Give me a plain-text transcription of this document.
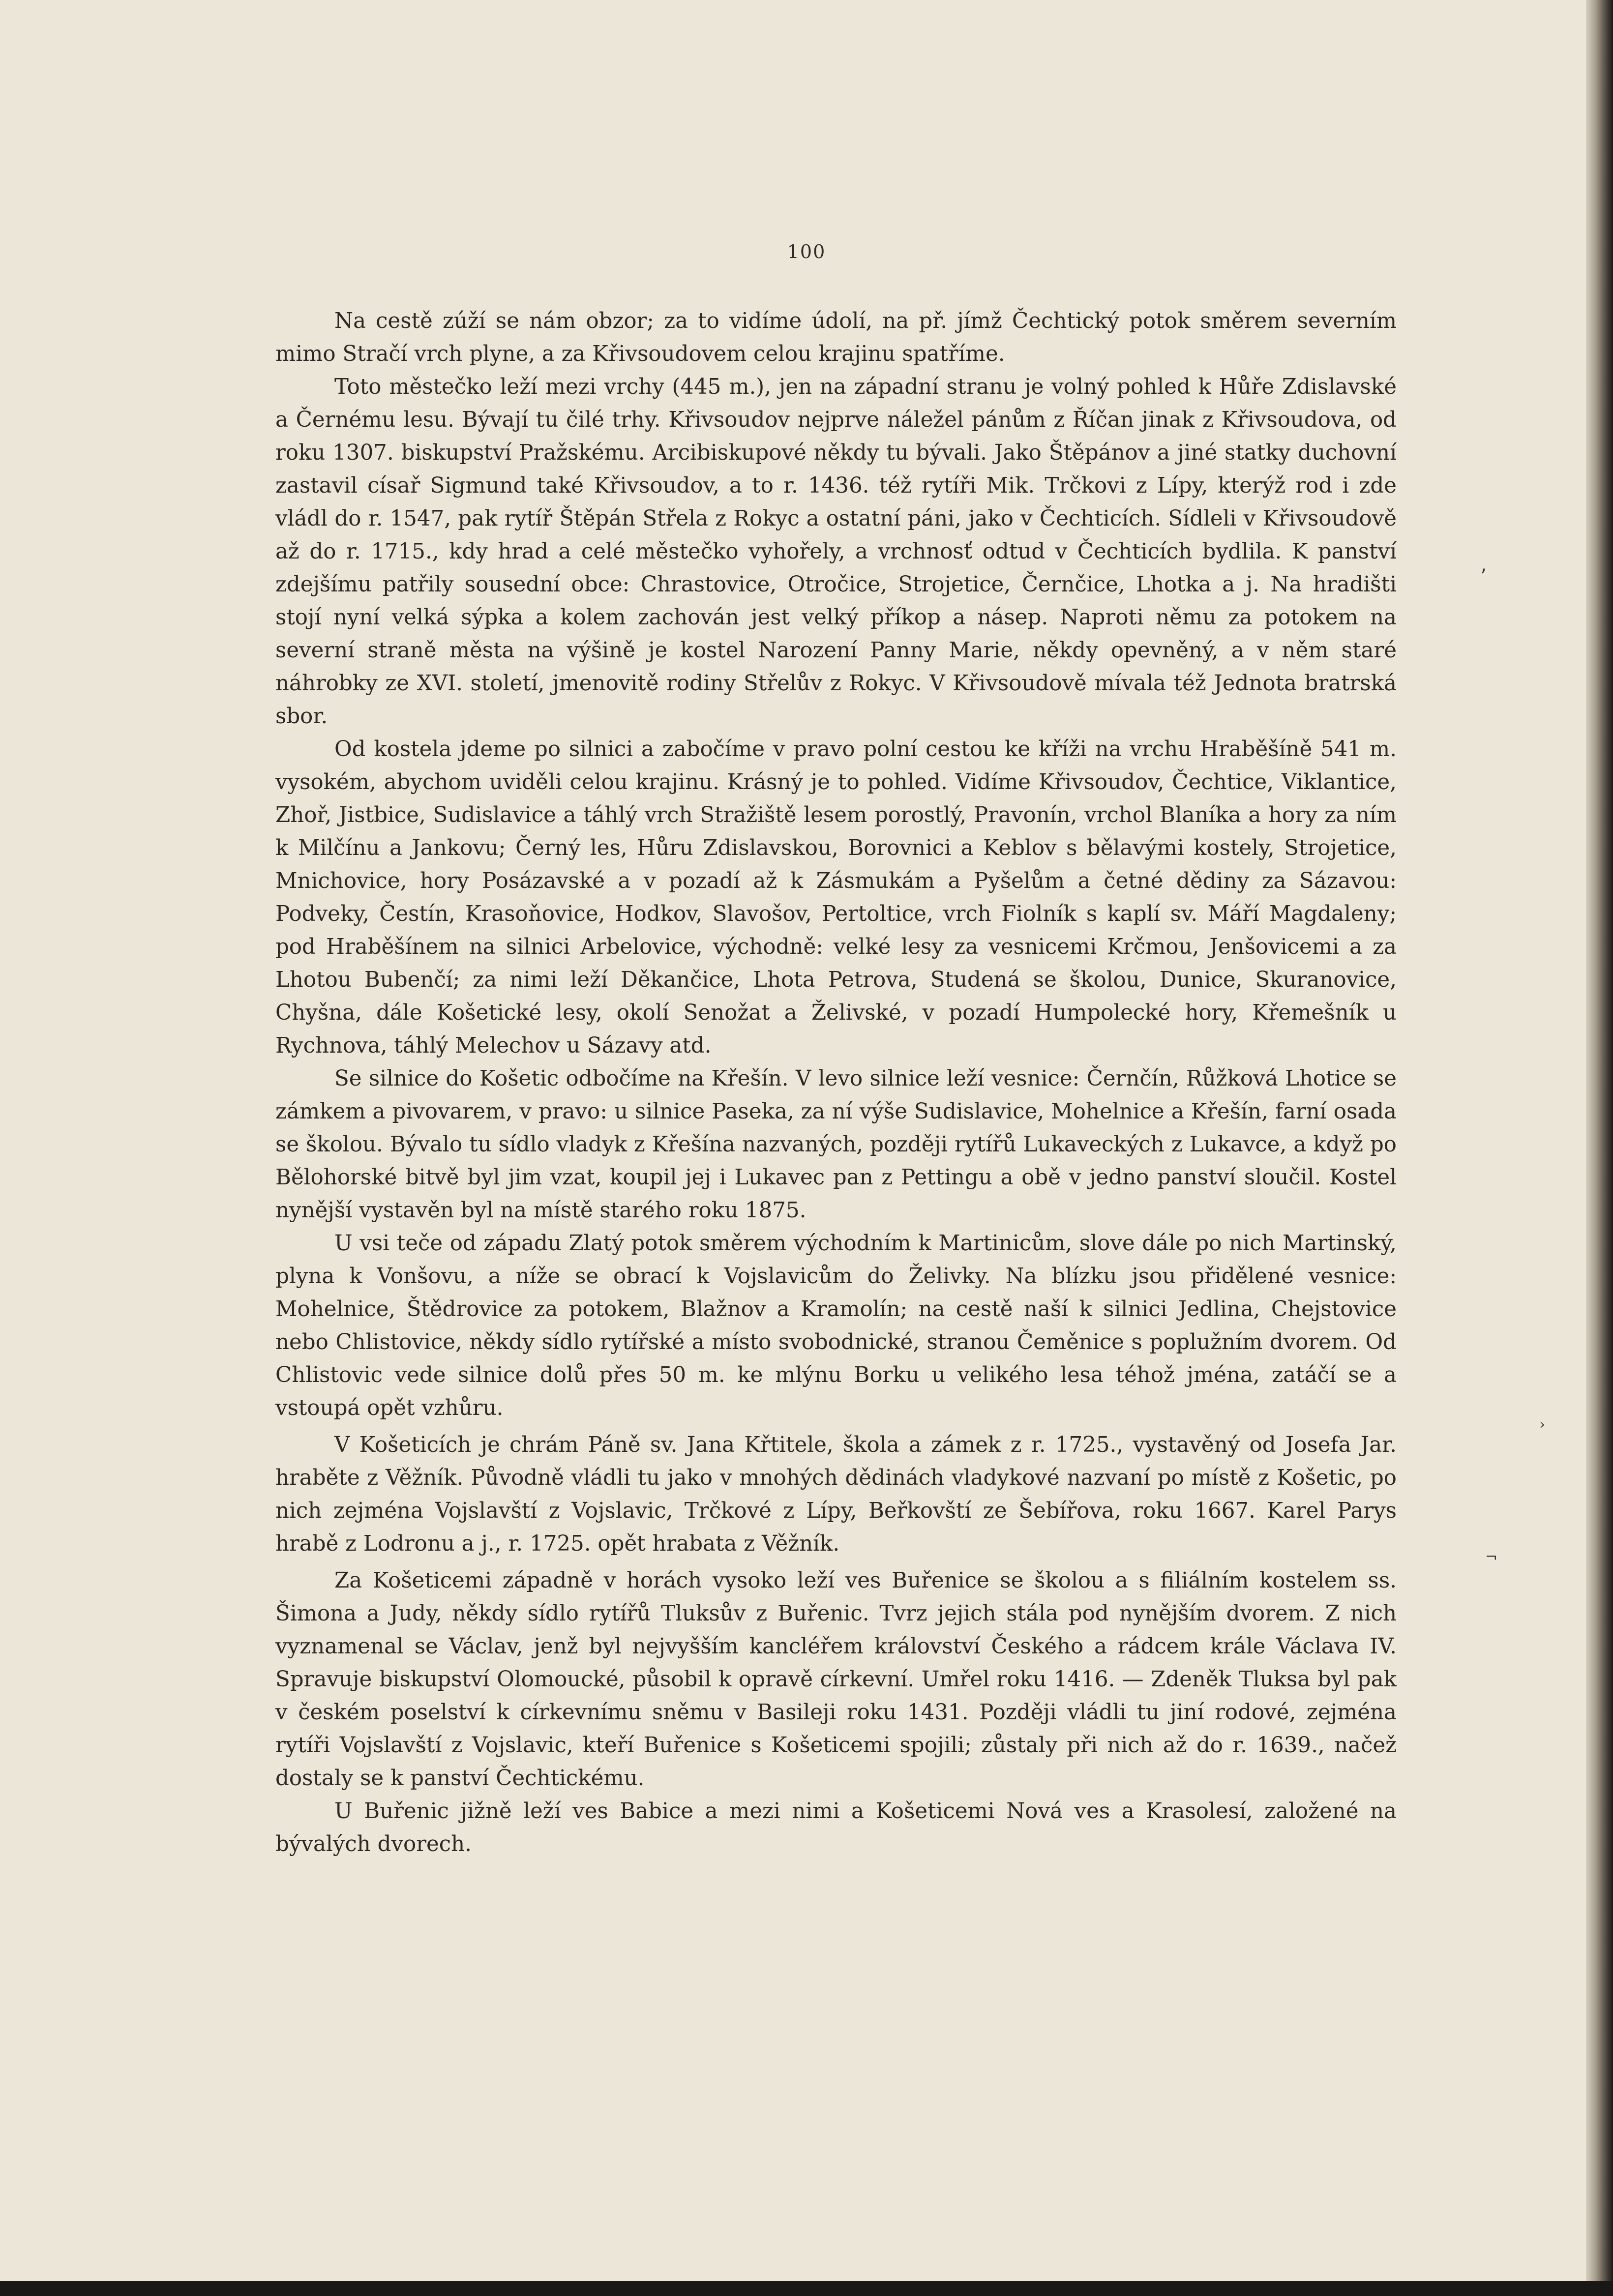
100

Na cestě zúží se nám obzor; za to vidíme údolí, na př. jímž Čechtický potok směrem severním mimo Stračí vrch plyne, a za Křivsoudovem celou krajinu spatříme.

Toto městečko leží mezi vrchy (445 m.), jen na západní stranu je volný pohled k Hůře Zdislavské a Černému lesu. Bývají tu čilé trhy. Křivsoudov nejprve náležel pánům z Říčan jinak z Křivsoudova, od roku 1307. biskupství Pražskému. Arcibiskupové někdy tu bývali. Jako Štěpánov a jiné statky duchovní zastavil císař Sigmund také Křivsoudov, a to r. 1436. též rytíři Mik. Trčkovi z Lípy, kterýž rod i zde vládl do r. 1547, pak rytíř Štěpán Střela z Rokyc a ostatní páni, jako v Čechticích. Sídleli v Křivsoudově až do r. 1715., kdy hrad a celé městečko vyhořely, a vrchnosť odtud v Čechticích bydlila. K panství zdejšímu patřily sousední obce: Chrastovice, Otročice, Strojetice, Černčice, Lhotka a j. Na hradišti stojí nyní velká sýpka a kolem zachován jest velký příkop a násep. Naproti němu za potokem na severní straně města na výšině je kostel Narození Panny Marie, někdy opevněný, a v něm staré náhrobky ze XVI. století, jmenovitě rodiny Střelův z Rokyc. V Křivsoudově mívala též Jednota bratrská sbor.

Od kostela jdeme po silnici a zabočíme v pravo polní cestou ke kříži na vrchu Hraběšíně 541 m. vysokém, abychom uviděli celou krajinu. Krásný je to pohled. Vidíme Křivsoudov, Čechtice, Viklantice, Zhoř, Jistbice, Sudislavice a táhlý vrch Stražiště lesem porostlý, Pravonín, vrchol Blaníka a hory za ním k Milčínu a Jankovu; Černý les, Hůru Zdislavskou, Borovnici a Keblov s bělavými kostely, Strojetice, Mnichovice, hory Posázavské a v pozadí až k Zásmukám a Pyšelům a četné dědiny za Sázavou: Podveky, Čestín, Krasoňovice, Hodkov, Slavošov, Pertoltice, vrch Fiolník s kaplí sv. Máří Magdaleny; pod Hraběšínem na silnici Arbelovice, východně: velké lesy za vesnicemi Krčmou, Jenšovicemi a za Lhotou Bubenčí; za nimi leží Děkančice, Lhota Petrova, Studená se školou, Dunice, Skuranovice, Chyšna, dále Košetické lesy, okolí Senožat a Želivské, v pozadí Humpolecké hory, Křemešník u Rychnova, táhlý Melechov u Sázavy atd.

Se silnice do Košetic odbočíme na Křešín. V levo silnice leží vesnice: Černčín, Růžková Lhotice se zámkem a pivovarem, v pravo: u silnice Paseka, za ní výše Sudislavice, Mohelnice a Křešín, farní osada se školou. Bývalo tu sídlo vladyk z Křešína nazvaných, později rytířů Lukaveckých z Lukavce, a když po Bělohorské bitvě byl jim vzat, koupil jej i Lukavec pan z Pettingu a obě v jedno panství sloučil. Kostel nynější vystavěn byl na místě starého roku 1875.

U vsi teče od západu Zlatý potok směrem východním k Martinicům, slove dále po nich Martinský, plyna k Vonšovu, a níže se obrací k Vojslavicům do Želivky. Na blízku jsou přidělené vesnice: Mohelnice, Štědrovice za potokem, Blažnov a Kramolín; na cestě naší k silnici Jedlina, Chejstovice nebo Chlistovice, někdy sídlo rytířské a místo svobodnické, stranou Čeměnice s poplužním dvorem. Od Chlistovic vede silnice dolů přes 50 m. ke mlýnu Borku u velikého lesa téhož jména, zatáčí se a vstoupá opět vzhůru.

V Košeticích je chrám Páně sv. Jana Křtitele, škola a zámek z r. 1725., vystavěný od Josefa Jar. hraběte z Věžník. Původně vládli tu jako v mnohých dědinách vladykové nazvaní po místě z Košetic, po nich zejména Vojslavští z Vojslavic, Trčkové z Lípy, Beřkovští ze Šebířova, roku 1667. Karel Parys hrabě z Lodronu a j., r. 1725. opět hrabata z Věžník.

Za Košeticemi západně v horách vysoko leží ves Buřenice se školou a s filiálním kostelem ss. Šimona a Judy, někdy sídlo rytířů Tluksův z Buřenic. Tvrz jejich stála pod nynějším dvorem. Z nich vyznamenal se Václav, jenž byl nejvyšším kancléřem království Českého a rádcem krále Václava IV. Spravuje biskupství Olomoucké, působil k opravě církevní. Umřel roku 1416. — Zdeněk Tluksa byl pak v českém poselství k církevnímu sněmu v Basileji roku 1431. Později vládli tu jiní rodové, zejména rytíři Vojslavští z Vojslavic, kteří Buřenice s Košeticemi spojili; zůstaly při nich až do r. 1639., načež dostaly se k panství Čechtickému.

U Buřenic jižně leží ves Babice a mezi nimi a Košeticemi Nová ves a Krasolesí, založené na bývalých dvorech.

’
›
¬
